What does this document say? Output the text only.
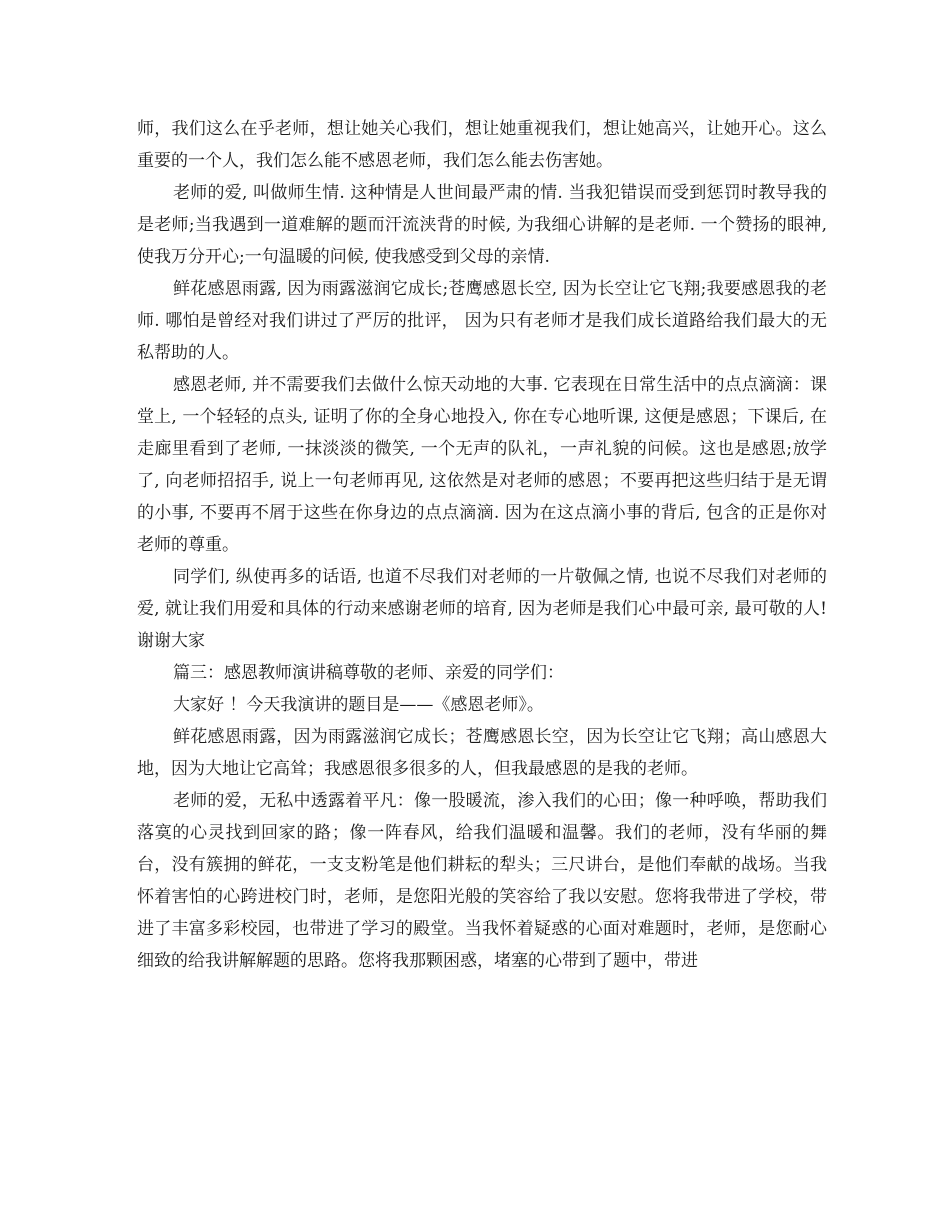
师，我们这么在乎老师，想让她关心我们，想让她重视我们，想让她高兴，让她开心。这么重要的一个人，我们怎么能不感恩老师，我们怎么能去伤害她。

老师的爱, 叫做师生情. 这种情是人世间最严肃的情. 当我犯错误而受到惩罚时教导我的是老师;当我遇到一道难解的题而汗流浃背的时候, 为我细心讲解的是老师. 一个赞扬的眼神, 使我万分开心;一句温暖的问候, 使我感受到父母的亲情.

鲜花感恩雨露, 因为雨露滋润它成长;苍鹰感恩长空, 因为长空让它飞翔;我要感恩我的老师. 哪怕是曾经对我们讲过了严厉的批评， 因为只有老师才是我们成长道路给我们最大的无私帮助的人。

感恩老师, 并不需要我们去做什么惊天动地的大事. 它表现在日常生活中的点点滴滴：课堂上, 一个轻轻的点头, 证明了你的全身心地投入, 你在专心地听课, 这便是感恩；下课后, 在走廊里看到了老师, 一抹淡淡的微笑, 一个无声的队礼，一声礼貌的问候。这也是感恩;放学了, 向老师招招手, 说上一句老师再见, 这依然是对老师的感恩；不要再把这些归结于是无谓的小事, 不要再不屑于这些在你身边的点点滴滴. 因为在这点滴小事的背后, 包含的正是你对老师的尊重。

同学们, 纵使再多的话语, 也道不尽我们对老师的一片敬佩之情, 也说不尽我们对老师的爱, 就让我们用爱和具体的行动来感谢老师的培育, 因为老师是我们心中最可亲, 最可敬的人! 谢谢大家

篇三：感恩教师演讲稿尊敬的老师、亲爱的同学们：

大家好 ！今天我演讲的题目是——《感恩老师》。

鲜花感恩雨露，因为雨露滋润它成长；苍鹰感恩长空，因为长空让它飞翔；高山感恩大地，因为大地让它高耸；我感恩很多很多的人，但我最感恩的是我的老师。

老师的爱，无私中透露着平凡：像一股暖流，渗入我们的心田；像一种呼唤，帮助我们落寞的心灵找到回家的路；像一阵春风，给我们温暖和温馨。我们的老师，没有华丽的舞台，没有簇拥的鲜花，一支支粉笔是他们耕耘的犁头；三尺讲台，是他们奉献的战场。当我怀着害怕的心跨进校门时，老师，是您阳光般的笑容给了我以安慰。您将我带进了学校，带进了丰富多彩校园，也带进了学习的殿堂。当我怀着疑惑的心面对难题时，老师，是您耐心细致的给我讲解解题的思路。您将我那颗困惑，堵塞的心带到了题中，带进
